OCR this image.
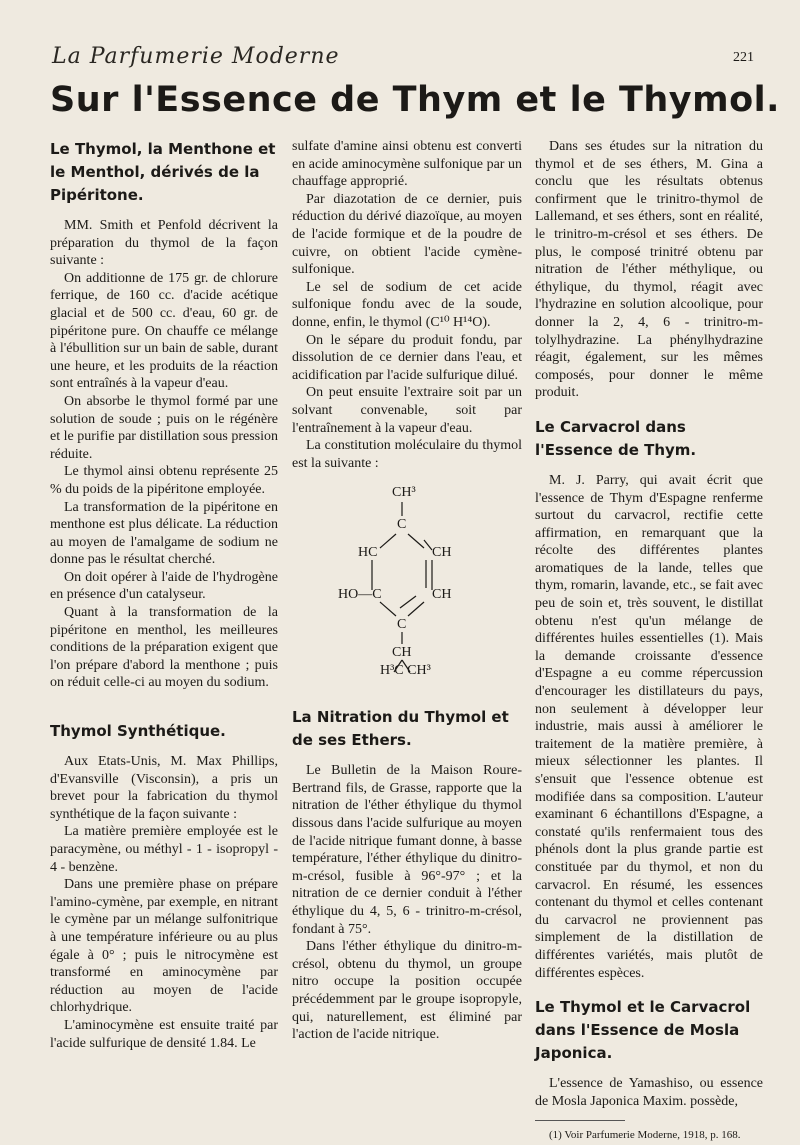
La Parfumerie Moderne	221
Sur l'Essence de Thym et le Thymol.
Le Thymol, la Menthone et le Menthol, dérivés de la Pipéritone.

MM. Smith et Penfold décrivent la préparation du thymol de la façon suivante :

On additionne de 175 gr. de chlorure ferrique, de 160 cc. d'acide acétique glacial et de 500 cc. d'eau, 60 gr. de pipéritone pure. On chauffe ce mélange à l'ébullition sur un bain de sable, durant une heure, et les produits de la réaction sont entraînés à la vapeur d'eau.

On absorbe le thymol formé par une solution de soude ; puis on le régénère et le purifie par distillation sous pression réduite.

Le thymol ainsi obtenu représente 25 % du poids de la pipéritone employée.

La transformation de la pipéritone en menthone est plus délicate. La réduction au moyen de l'amalgame de sodium ne donne pas le résultat cherché.

On doit opérer à l'aide de l'hydrogène en présence d'un catalyseur.

Quant à la transformation de la pipéritone en menthol, les meilleures conditions de la préparation exigent que l'on prépare d'abord la menthone ; puis on réduit celle-ci au moyen du sodium.

Thymol Synthétique.

Aux Etats-Unis, M. Max Phillips, d'Evansville (Visconsin), a pris un brevet pour la fabrication du thymol synthétique de la façon suivante :

La matière première employée est le paracymène, ou méthyl - 1 - isopropyl - 4 - benzène.

Dans une première phase on prépare l'amino-cymène, par exemple, en nitrant le cymène par un mélange sulfonitrique à une température inférieure ou au plus égale à 0° ; puis le nitrocymène est transformé en aminocymène par réduction au moyen de l'acide chlorhydrique.

L'aminocymène est ensuite traité par l'acide sulfurique de densité 1.84. Le

sulfate d'amine ainsi obtenu est converti en acide aminocymène sulfonique par un chauffage approprié.

Par diazotation de ce dernier, puis réduction du dérivé diazoïque, au moyen de l'acide formique et de la poudre de cuivre, on obtient l'acide cymène-sulfonique.

Le sel de sodium de cet acide sulfonique fondu avec de la soude, donne, enfin, le thymol (C¹⁰ H¹⁴O).

On le sépare du produit fondu, par dissolution de ce dernier dans l'eau, et acidification par l'acide sulfurique dilué.

On peut ensuite l'extraire soit par un solvant convenable, soit par l'entraînement à la vapeur d'eau.

La constitution moléculaire du thymol est la suivante :

CH³
C
HC	CH
HO—C	CH
C
CH
H³C CH³
La Nitration du Thymol et de ses Ethers.

Le Bulletin de la Maison Roure-Bertrand fils, de Grasse, rapporte que la nitration de l'éther éthylique du thymol dissous dans l'acide sulfurique au moyen de l'acide nitrique fumant donne, à basse température, l'éther éthylique du dinitro-m-crésol, fusible à 96°-97° ; et la nitration de ce dernier conduit à l'éther éthylique du 4, 5, 6 - trinitro-m-crésol, fondant à 75°.

Dans l'éther éthylique du dinitro-m-crésol, obtenu du thymol, un groupe nitro occupe la position occupée précédemment par le groupe isopropyle, qui, naturellement, est éliminé par l'action de l'acide nitrique.

Dans ses études sur la nitration du thymol et de ses éthers, M. Gina a conclu que les résultats obtenus confirment que le trinitro-thymol de Lallemand, et ses éthers, sont en réalité, le trinitro-m-crésol et ses éthers. De plus, le composé trinitré obtenu par nitration de l'éther méthylique, ou éthylique, du thymol, réagit avec l'hydrazine en solution alcoolique, pour donner la 2, 4, 6 - trinitro-m-tolylhydrazine. La phénylhydrazine réagit, également, sur les mêmes composés, pour donner le même produit.

Le Carvacrol dans l'Essence de Thym.

M. J. Parry, qui avait écrit que l'essence de Thym d'Espagne renferme surtout du carvacrol, rectifie cette affirmation, en remarquant que la récolte des différentes plantes aromatiques de la lande, telles que thym, romarin, lavande, etc., se fait avec peu de soin et, très souvent, le distillat obtenu n'est qu'un mélange de différentes huiles essentielles (1). Mais la demande croissante d'essence d'Espagne a eu comme répercussion d'encourager les distillateurs du pays, non seulement à développer leur industrie, mais aussi à améliorer le traitement de la matière première, à mieux sélectionner les plantes. Il s'ensuit que l'essence obtenue est modifiée dans sa composition. L'auteur examinant 6 échantillons d'Espagne, a constaté qu'ils renfermaient tous des phénols dont la plus grande partie est constituée par du thymol, et non du carvacrol. En résumé, les essences contenant du thymol et celles contenant du carvacrol ne proviennent pas simplement de la distillation de différentes variétés, mais plutôt de différentes espèces.

Le Thymol et le Carvacrol dans l'Essence de Mosla Japonica.

L'essence de Yamashiso, ou essence de Mosla Japonica Maxim. possède,

(1) Voir Parfumerie Moderne, 1918, p. 168.
